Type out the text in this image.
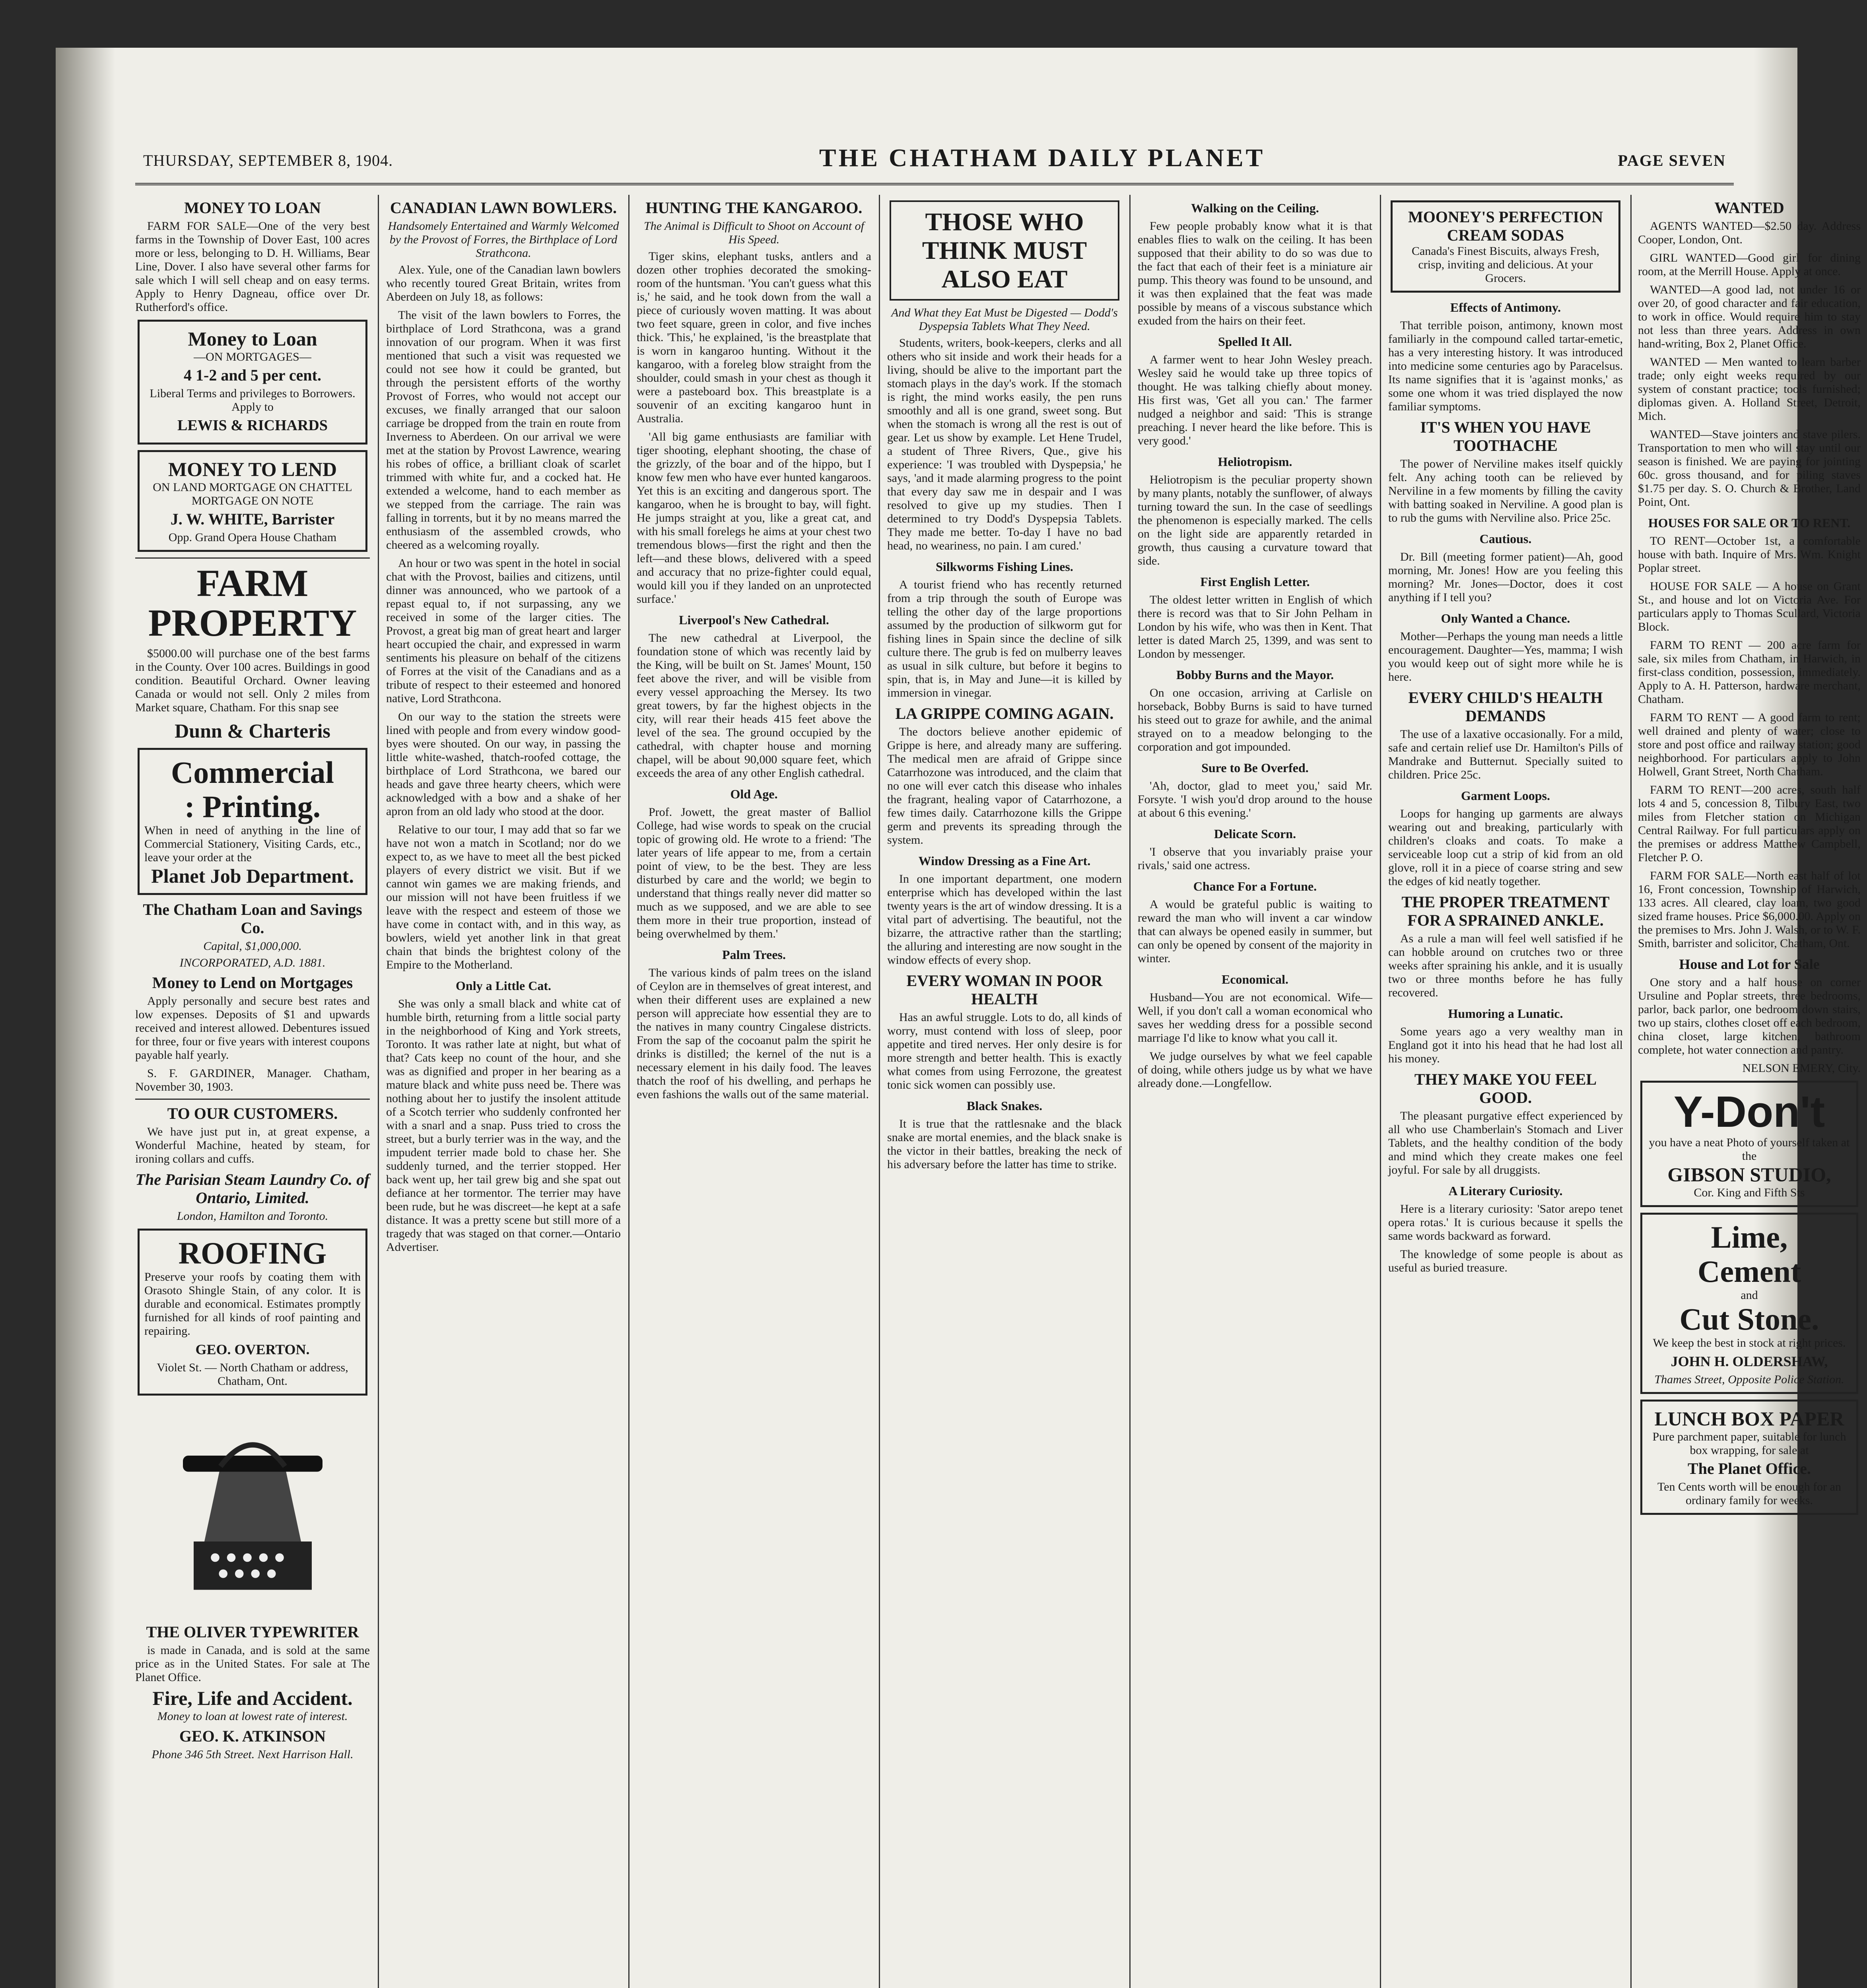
THURSDAY, SEPTEMBER 8, 1904.	THE CHATHAM DAILY PLANET	PAGE SEVEN
MONEY TO LOAN

FARM FOR SALE—One of the very best farms in the Township of Dover East, 100 acres more or less, belonging to D. H. Williams, Bear Line, Dover. I also have several other farms for sale which I will sell cheap and on easy terms. Apply to Henry Dagneau, office over Dr. Rutherford's office.

Money to Loan
—ON MORTGAGES—
4 1-2 and 5 per cent.
Liberal Terms and privileges to Borrowers. Apply to
LEWIS & RICHARDS
MONEY TO LEND
ON LAND MORTGAGE ON CHATTEL MORTGAGE ON NOTE
J. W. WHITE, Barrister
Opp. Grand Opera House Chatham
FARM PROPERTY

$5000.00 will purchase one of the best farms in the County. Over 100 acres. Buildings in good condition. Beautiful Orchard. Owner leaving Canada or would not sell. Only 2 miles from Market square, Chatham. For this snap see

Dunn & Charteris
Commercial
: Printing.
When in need of anything in the line of Commercial Stationery, Visiting Cards, etc., leave your order at the
Planet Job Department.
The Chatham Loan and Savings Co.
Capital, $1,000,000.
INCORPORATED, A.D. 1881.
Money to Lend on Mortgages

Apply personally and secure best rates and low expenses. Deposits of $1 and upwards received and interest allowed. Debentures issued for three, four or five years with interest coupons payable half yearly.

S. F. GARDINER, Manager. Chatham, November 30, 1903.

TO OUR CUSTOMERS.

We have just put in, at great expense, a Wonderful Machine, heated by steam, for ironing collars and cuffs.

The Parisian Steam Laundry Co. of Ontario, Limited.
London, Hamilton and Toronto.
ROOFING
Preserve your roofs by coating them with Orasoto Shingle Stain, of any color. It is durable and economical. Estimates promptly furnished for all kinds of roof painting and repairing.
GEO. OVERTON.
Violet St. — North Chatham or address, Chatham, Ont.
THE OLIVER TYPEWRITER

is made in Canada, and is sold at the same price as in the United States. For sale at The Planet Office.

Fire, Life and Accident.
Money to loan at lowest rate of interest.
GEO. K. ATKINSON
Phone 346 5th Street. Next Harrison Hall.
CANADIAN LAWN BOWLERS.
Handsomely Entertained and Warmly Welcomed by the Provost of Forres, the Birthplace of Lord Strathcona.

Alex. Yule, one of the Canadian lawn bowlers who recently toured Great Britain, writes from Aberdeen on July 18, as follows:

The visit of the lawn bowlers to Forres, the birthplace of Lord Strathcona, was a grand innovation of our program. When it was first mentioned that such a visit was requested we could not see how it could be granted, but through the persistent efforts of the worthy Provost of Forres, who would not accept our excuses, we finally arranged that our saloon carriage be dropped from the train en route from Inverness to Aberdeen. On our arrival we were met at the station by Provost Lawrence, wearing his robes of office, a brilliant cloak of scarlet trimmed with white fur, and a cocked hat. He extended a welcome, hand to each member as we stepped from the carriage. The rain was falling in torrents, but it by no means marred the enthusiasm of the assembled crowds, who cheered as a welcoming royally.

An hour or two was spent in the hotel in social chat with the Provost, bailies and citizens, until dinner was announced, who we partook of a repast equal to, if not surpassing, any we received in some of the larger cities. The Provost, a great big man of great heart and larger heart occupied the chair, and expressed in warm sentiments his pleasure on behalf of the citizens of Forres at the visit of the Canadians and as a tribute of respect to their esteemed and honored native, Lord Strathcona.

On our way to the station the streets were lined with people and from every window good-byes were shouted. On our way, in passing the little white-washed, thatch-roofed cottage, the birthplace of Lord Strathcona, we bared our heads and gave three hearty cheers, which were acknowledged with a bow and a shake of her apron from an old lady who stood at the door.

Relative to our tour, I may add that so far we have not won a match in Scotland; nor do we expect to, as we have to meet all the best picked players of every district we visit. But if we cannot win games we are making friends, and our mission will not have been fruitless if we leave with the respect and esteem of those we have come in contact with, and in this way, as bowlers, wield yet another link in that great chain that binds the brightest colony of the Empire to the Motherland.

Only a Little Cat.

She was only a small black and white cat of humble birth, returning from a little social party in the neighborhood of King and York streets, Toronto. It was rather late at night, but what of that? Cats keep no count of the hour, and she was as dignified and proper in her bearing as a mature black and white puss need be. There was nothing about her to justify the insolent attitude of a Scotch terrier who suddenly confronted her with a snarl and a snap. Puss tried to cross the street, but a burly terrier was in the way, and the impudent terrier made bold to chase her. She suddenly turned, and the terrier stopped. Her back went up, her tail grew big and she spat out defiance at her tormentor. The terrier may have been rude, but he was discreet—he kept at a safe distance. It was a pretty scene but still more of a tragedy that was staged on that corner.—Ontario Advertiser.

HUNTING THE KANGAROO.
The Animal is Difficult to Shoot on Account of His Speed.

Tiger skins, elephant tusks, antlers and a dozen other trophies decorated the smoking-room of the huntsman. 'You can't guess what this is,' he said, and he took down from the wall a piece of curiously woven matting. It was about two feet square, green in color, and five inches thick. 'This,' he explained, 'is the breastplate that is worn in kangaroo hunting. Without it the kangaroo, with a foreleg blow straight from the shoulder, could smash in your chest as though it were a pasteboard box. This breastplate is a souvenir of an exciting kangaroo hunt in Australia.

'All big game enthusiasts are familiar with tiger shooting, elephant shooting, the chase of the grizzly, of the boar and of the hippo, but I know few men who have ever hunted kangaroos. Yet this is an exciting and dangerous sport. The kangaroo, when he is brought to bay, will fight. He jumps straight at you, like a great cat, and with his small forelegs he aims at your chest two tremendous blows—first the right and then the left—and these blows, delivered with a speed and accuracy that no prize-fighter could equal, would kill you if they landed on an unprotected surface.'

Liverpool's New Cathedral.

The new cathedral at Liverpool, the foundation stone of which was recently laid by the King, will be built on St. James' Mount, 150 feet above the river, and will be visible from every vessel approaching the Mersey. Its two great towers, by far the highest objects in the city, will rear their heads 415 feet above the level of the sea. The ground occupied by the cathedral, with chapter house and morning chapel, will be about 90,000 square feet, which exceeds the area of any other English cathedral.

Old Age.

Prof. Jowett, the great master of Balliol College, had wise words to speak on the crucial topic of growing old. He wrote to a friend: 'The later years of life appear to me, from a certain point of view, to be the best. They are less disturbed by care and the world; we begin to understand that things really never did matter so much as we supposed, and we are able to see them more in their true proportion, instead of being overwhelmed by them.'

Palm Trees.

The various kinds of palm trees on the island of Ceylon are in themselves of great interest, and when their different uses are explained a new person will appreciate how essential they are to the natives in many country Cingalese districts. From the sap of the cocoanut palm the spirit he drinks is distilled; the kernel of the nut is a necessary element in his daily food. The leaves thatch the roof of his dwelling, and perhaps he even fashions the walls out of the same material.

THOSE WHO THINK MUST ALSO EAT
And What they Eat Must be Digested — Dodd's Dyspepsia Tablets What They Need.

Students, writers, book-keepers, clerks and all others who sit inside and work their heads for a living, should be alive to the important part the stomach plays in the day's work. If the stomach is right, the mind works easily, the pen runs smoothly and all is one grand, sweet song. But when the stomach is wrong all the rest is out of gear. Let us show by example. Let Hene Trudel, a student of Three Rivers, Que., give his experience: 'I was troubled with Dyspepsia,' he says, 'and it made alarming progress to the point that every day saw me in despair and I was resolved to give up my studies. Then I determined to try Dodd's Dyspepsia Tablets. They made me better. To-day I have no bad head, no weariness, no pain. I am cured.'

Silkworms Fishing Lines.

A tourist friend who has recently returned from a trip through the south of Europe was telling the other day of the large proportions assumed by the production of silkworm gut for fishing lines in Spain since the decline of silk culture there. The grub is fed on mulberry leaves as usual in silk culture, but before it begins to spin, that is, in May and June—it is killed by immersion in vinegar.

LA GRIPPE COMING AGAIN.

The doctors believe another epidemic of Grippe is here, and already many are suffering. The medical men are afraid of Grippe since Catarrhozone was introduced, and the claim that no one will ever catch this disease who inhales the fragrant, healing vapor of Catarrhozone, a few times daily. Catarrhozone kills the Grippe germ and prevents its spreading through the system.

Window Dressing as a Fine Art.

In one important department, one modern enterprise which has developed within the last twenty years is the art of window dressing. It is a vital part of advertising. The beautiful, not the bizarre, the attractive rather than the startling; the alluring and interesting are now sought in the window effects of every shop.

EVERY WOMAN IN POOR HEALTH

Has an awful struggle. Lots to do, all kinds of worry, must contend with loss of sleep, poor appetite and tired nerves. Her only desire is for more strength and better health. This is exactly what comes from using Ferrozone, the greatest tonic sick women can possibly use.

Black Snakes.

It is true that the rattlesnake and the black snake are mortal enemies, and the black snake is the victor in their battles, breaking the neck of his adversary before the latter has time to strike.

Walking on the Ceiling.

Few people probably know what it is that enables flies to walk on the ceiling. It has been supposed that their ability to do so was due to the fact that each of their feet is a miniature air pump. This theory was found to be unsound, and it was then explained that the feat was made possible by means of a viscous substance which exuded from the hairs on their feet.

Spelled It All.

A farmer went to hear John Wesley preach. Wesley said he would take up three topics of thought. He was talking chiefly about money. His first was, 'Get all you can.' The farmer nudged a neighbor and said: 'This is strange preaching. I never heard the like before. This is very good.'

Heliotropism.

Heliotropism is the peculiar property shown by many plants, notably the sunflower, of always turning toward the sun. In the case of seedlings the phenomenon is especially marked. The cells on the light side are apparently retarded in growth, thus causing a curvature toward that side.

First English Letter.

The oldest letter written in English of which there is record was that to Sir John Pelham in London by his wife, who was then in Kent. That letter is dated March 25, 1399, and was sent to London by messenger.

Bobby Burns and the Mayor.

On one occasion, arriving at Carlisle on horseback, Bobby Burns is said to have turned his steed out to graze for awhile, and the animal strayed on to a meadow belonging to the corporation and got impounded.

Sure to Be Overfed.

'Ah, doctor, glad to meet you,' said Mr. Forsyte. 'I wish you'd drop around to the house at about 6 this evening.'

Delicate Scorn.

'I observe that you invariably praise your rivals,' said one actress.

Chance For a Fortune.

A would be grateful public is waiting to reward the man who will invent a car window that can always be opened easily in summer, but can only be opened by consent of the majority in winter.

Economical.

Husband—You are not economical. Wife—Well, if you don't call a woman economical who saves her wedding dress for a possible second marriage I'd like to know what you call it.

We judge ourselves by what we feel capable of doing, while others judge us by what we have already done.—Longfellow.

MOONEY'S PERFECTION CREAM SODAS
Canada's Finest Biscuits, always Fresh, crisp, inviting and delicious. At your Grocers.
Effects of Antimony.

That terrible poison, antimony, known most familiarly in the compound called tartar-emetic, has a very interesting history. It was introduced into medicine some centuries ago by Paracelsus. Its name signifies that it is 'against monks,' as some one whom it was tried displayed the now familiar symptoms.

IT'S WHEN YOU HAVE TOOTHACHE

The power of Nerviline makes itself quickly felt. Any aching tooth can be relieved by Nerviline in a few moments by filling the cavity with batting soaked in Nerviline. A good plan is to rub the gums with Nerviline also. Price 25c.

Cautious.

Dr. Bill (meeting former patient)—Ah, good morning, Mr. Jones! How are you feeling this morning? Mr. Jones—Doctor, does it cost anything if I tell you?

Only Wanted a Chance.

Mother—Perhaps the young man needs a little encouragement. Daughter—Yes, mamma; I wish you would keep out of sight more while he is here.

EVERY CHILD'S HEALTH DEMANDS

The use of a laxative occasionally. For a mild, safe and certain relief use Dr. Hamilton's Pills of Mandrake and Butternut. Specially suited to children. Price 25c.

Garment Loops.

Loops for hanging up garments are always wearing out and breaking, particularly with children's cloaks and coats. To make a serviceable loop cut a strip of kid from an old glove, roll it in a piece of coarse string and sew the edges of kid neatly together.

THE PROPER TREATMENT FOR A SPRAINED ANKLE.

As a rule a man will feel well satisfied if he can hobble around on crutches two or three weeks after spraining his ankle, and it is usually two or three months before he has fully recovered.

Humoring a Lunatic.

Some years ago a very wealthy man in England got it into his head that he had lost all his money.

THEY MAKE YOU FEEL GOOD.

The pleasant purgative effect experienced by all who use Chamberlain's Stomach and Liver Tablets, and the healthy condition of the body and mind which they create makes one feel joyful. For sale by all druggists.

A Literary Curiosity.

Here is a literary curiosity: 'Sator arepo tenet opera rotas.' It is curious because it spells the same words backward as forward.

The knowledge of some people is about as useful as buried treasure.

WANTED

AGENTS WANTED—$2.50 day. Address Cooper, London, Ont.

GIRL WANTED—Good girl for dining room, at the Merrill House. Apply at once.

WANTED—A good lad, not under 16 or over 20, of good character and fair education, to work in office. Would require him to stay not less than three years. Address in own hand-writing, Box 2, Planet Office.

WANTED — Men wanted to learn barber trade; only eight weeks required by our system of constant practice; tools furnished; diplomas given. A. Holland Street, Detroit, Mich.

WANTED—Stave jointers and stave pilers. Transportation to men who will stay until our season is finished. We are paying for jointing 60c. gross thousand, and for piling staves $1.75 per day. S. O. Church & Brother, Land Point, Ont.

HOUSES FOR SALE OR TO RENT.

TO RENT—October 1st, a comfortable house with bath. Inquire of Mrs. Wm. Knight Poplar street.

HOUSE FOR SALE — A house on Grant St., and house and lot on Victoria Ave. For particulars apply to Thomas Scullard, Victoria Block.

FARM TO RENT — 200 acre farm for sale, six miles from Chatham, in Harwich, in first-class condition, possession, immediately. Apply to A. H. Patterson, hardware merchant, Chatham.

FARM TO RENT — A good farm to rent; well drained and plenty of water; close to store and post office and railway station; good neighborhood. For particulars apply to John Holwell, Grant Street, North Chatham.

FARM TO RENT—200 acres, south half lots 4 and 5, concession 8, Tilbury East, two miles from Fletcher station on Michigan Central Railway. For full particulars apply on the premises or address Matthew Campbell, Fletcher P. O.

FARM FOR SALE—North east half of lot 16, Front concession, Township of Harwich, 133 acres. All cleared, clay loam, two good sized frame houses. Price $6,000.00. Apply on the premises to Mrs. John J. Walsh, or to W. F. Smith, barrister and solicitor, Chatham, Ont.

House and Lot for Sale

One story and a half house on corner Ursuline and Poplar streets, three bedrooms, parlor, back parlor, one bedroom down stairs, two up stairs, clothes closet off each bedroom, china closet, large kitchen, bathroom complete, hot water connection and pantry.

NELSON EMERY, City.

Y-Don't
you have a neat Photo of yourself taken at the
GIBSON STUDIO,
Cor. King and Fifth Sts
Lime,
Cement
and
Cut Stone.
We keep the best in stock at right prices.
JOHN H. OLDERSHAW,
Thames Street, Opposite Police Station.
LUNCH BOX PAPER
Pure parchment paper, suitable for lunch box wrapping, for sale at
The Planet Office.
Ten Cents worth will be enough for an ordinary family for weeks.
